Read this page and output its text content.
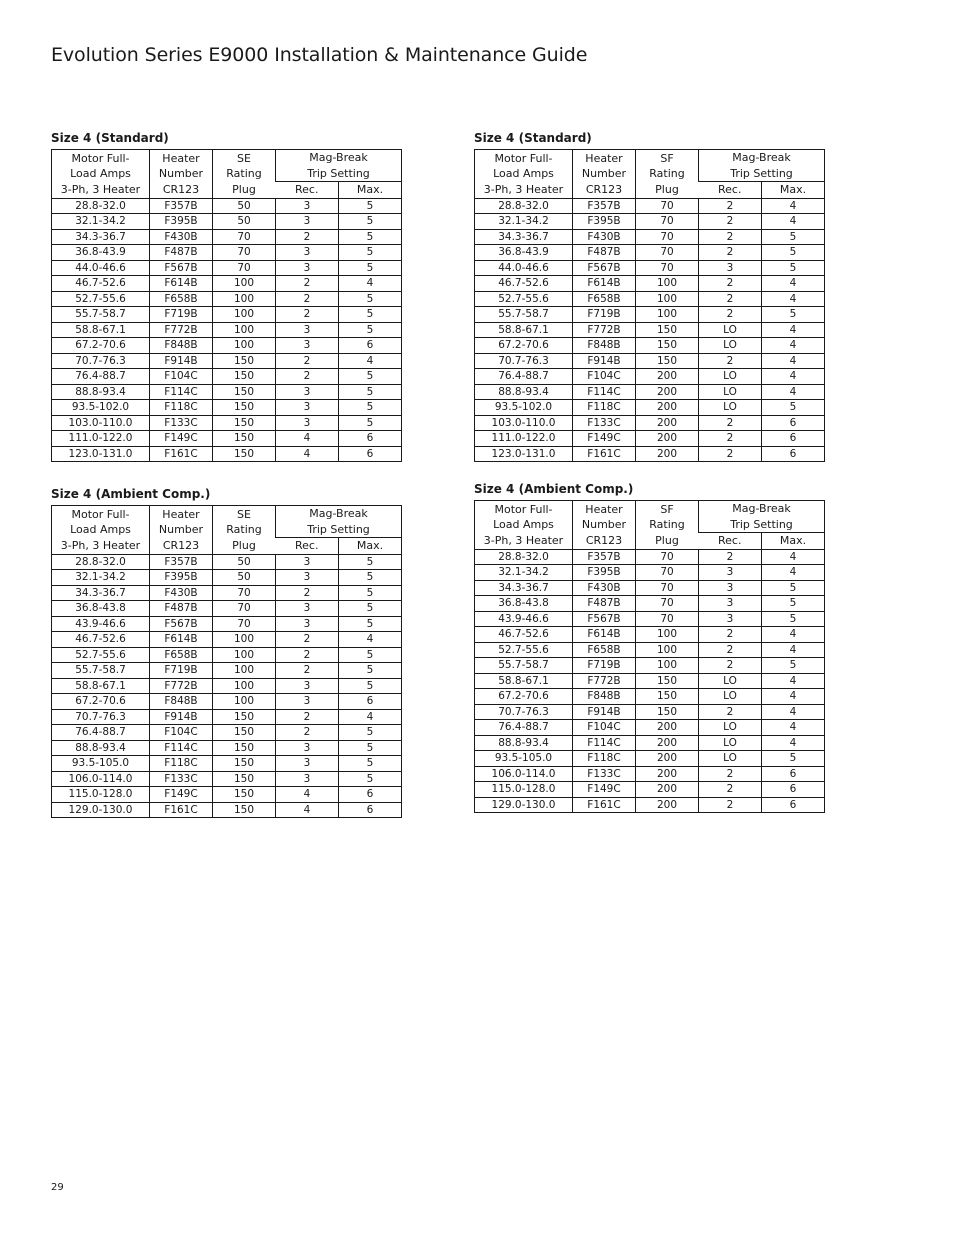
Evolution Series E9000 Installation & Maintenance Guide
Size 4 (Standard)
Motor Full-
Load Amps
3-Ph, 3 Heater	Heater
Number
CR123	SE
Rating
Plug	Mag-Break
Trip Setting	

			Rec.	Max.
28.8-32.0	F357B	50	3	5
32.1-34.2	F395B	50	3	5
34.3-36.7	F430B	70	2	5
36.8-43.9	F487B	70	3	5
44.0-46.6	F567B	70	3	5
46.7-52.6	F614B	100	2	4
52.7-55.6	F658B	100	2	5
55.7-58.7	F719B	100	2	5
58.8-67.1	F772B	100	3	5
67.2-70.6	F848B	100	3	6
70.7-76.3	F914B	150	2	4
76.4-88.7	F104C	150	2	5
88.8-93.4	F114C	150	3	5
93.5-102.0	F118C	150	3	5
103.0-110.0	F133C	150	3	5
111.0-122.0	F149C	150	4	6
123.0-131.0	F161C	150	4	6
Size 4 (Standard)
Motor Full-
Load Amps
3-Ph, 3 Heater	Heater
Number
CR123	SF
Rating
Plug	Mag-Break
Trip Setting	

			Rec.	Max.
28.8-32.0	F357B	70	2	4
32.1-34.2	F395B	70	2	4
34.3-36.7	F430B	70	2	5
36.8-43.9	F487B	70	2	5
44.0-46.6	F567B	70	3	5
46.7-52.6	F614B	100	2	4
52.7-55.6	F658B	100	2	4
55.7-58.7	F719B	100	2	5
58.8-67.1	F772B	150	LO	4
67.2-70.6	F848B	150	LO	4
70.7-76.3	F914B	150	2	4
76.4-88.7	F104C	200	LO	4
88.8-93.4	F114C	200	LO	4
93.5-102.0	F118C	200	LO	5
103.0-110.0	F133C	200	2	6
111.0-122.0	F149C	200	2	6
123.0-131.0	F161C	200	2	6
Size 4 (Ambient Comp.)
Motor Full-
Load Amps
3-Ph, 3 Heater	Heater
Number
CR123	SE
Rating
Plug	Mag-Break
Trip Setting	

			Rec.	Max.
28.8-32.0	F357B	50	3	5
32.1-34.2	F395B	50	3	5
34.3-36.7	F430B	70	2	5
36.8-43.8	F487B	70	3	5
43.9-46.6	F567B	70	3	5
46.7-52.6	F614B	100	2	4
52.7-55.6	F658B	100	2	5
55.7-58.7	F719B	100	2	5
58.8-67.1	F772B	100	3	5
67.2-70.6	F848B	100	3	6
70.7-76.3	F914B	150	2	4
76.4-88.7	F104C	150	2	5
88.8-93.4	F114C	150	3	5
93.5-105.0	F118C	150	3	5
106.0-114.0	F133C	150	3	5
115.0-128.0	F149C	150	4	6
129.0-130.0	F161C	150	4	6
Size 4 (Ambient Comp.)
Motor Full-
Load Amps
3-Ph, 3 Heater	Heater
Number
CR123	SF
Rating
Plug	Mag-Break
Trip Setting	

			Rec.	Max.
28.8-32.0	F357B	70	2	4
32.1-34.2	F395B	70	3	4
34.3-36.7	F430B	70	3	5
36.8-43.8	F487B	70	3	5
43.9-46.6	F567B	70	3	5
46.7-52.6	F614B	100	2	4
52.7-55.6	F658B	100	2	4
55.7-58.7	F719B	100	2	5
58.8-67.1	F772B	150	LO	4
67.2-70.6	F848B	150	LO	4
70.7-76.3	F914B	150	2	4
76.4-88.7	F104C	200	LO	4
88.8-93.4	F114C	200	LO	4
93.5-105.0	F118C	200	LO	5
106.0-114.0	F133C	200	2	6
115.0-128.0	F149C	200	2	6
129.0-130.0	F161C	200	2	6
29
